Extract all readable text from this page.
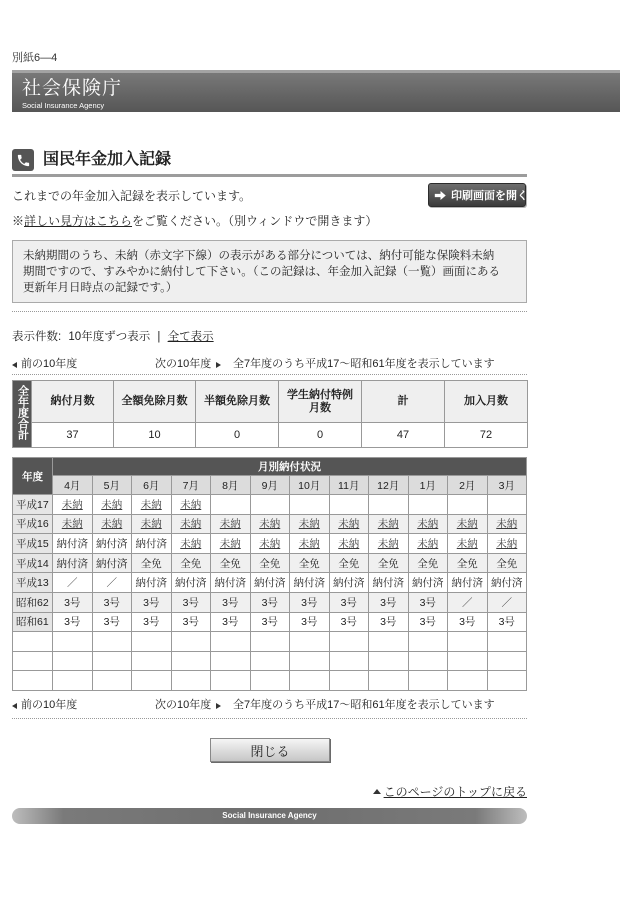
別紙6—4
社会保険庁
Social Insurance Agency
国民年金加入記録
これまでの年金加入記録を表示しています。	印刷画面を開く
※詳しい見方はこちらをご覧ください。（別ウィンドウで開きます）
未納期間のうち、未納（赤文字下線）の表示がある部分については、納付可能な保険料未納
期間ですので、すみやかに納付して下さい。（この記録は、年金加入記録（一覧）画面にある
更新年月日時点の記録です。）
表示件数: 10年度ずつ表示 | 全て表示
前の10年度	次の10年度 全7年度のうち平成17〜昭和61年度を表示しています
全年度合計	納付月数	全額免除月数	半額免除月数	学生納付特例月数	計	加入月数
	37	10	0	0	47	72
年度	月別納付状況											
	4月	5月	6月	7月	8月	9月	10月	11月	12月	1月	2月	3月
平成17	未納	未納	未納	未納								
平成16	未納	未納	未納	未納	未納	未納	未納	未納	未納	未納	未納	未納
平成15	納付済	納付済	納付済	未納	未納	未納	未納	未納	未納	未納	未納	未納
平成14	納付済	納付済	全免	全免	全免	全免	全免	全免	全免	全免	全免	全免
平成13	／	／	納付済	納付済	納付済	納付済	納付済	納付済	納付済	納付済	納付済	納付済
昭和62	3号	3号	3号	3号	3号	3号	3号	3号	3号	3号	／	／
昭和61	3号	3号	3号	3号	3号	3号	3号	3号	3号	3号	3号	3号

前の10年度	次の10年度 全7年度のうち平成17〜昭和61年度を表示しています
閉じる
このページのトップに戻る
Social Insurance Agency
